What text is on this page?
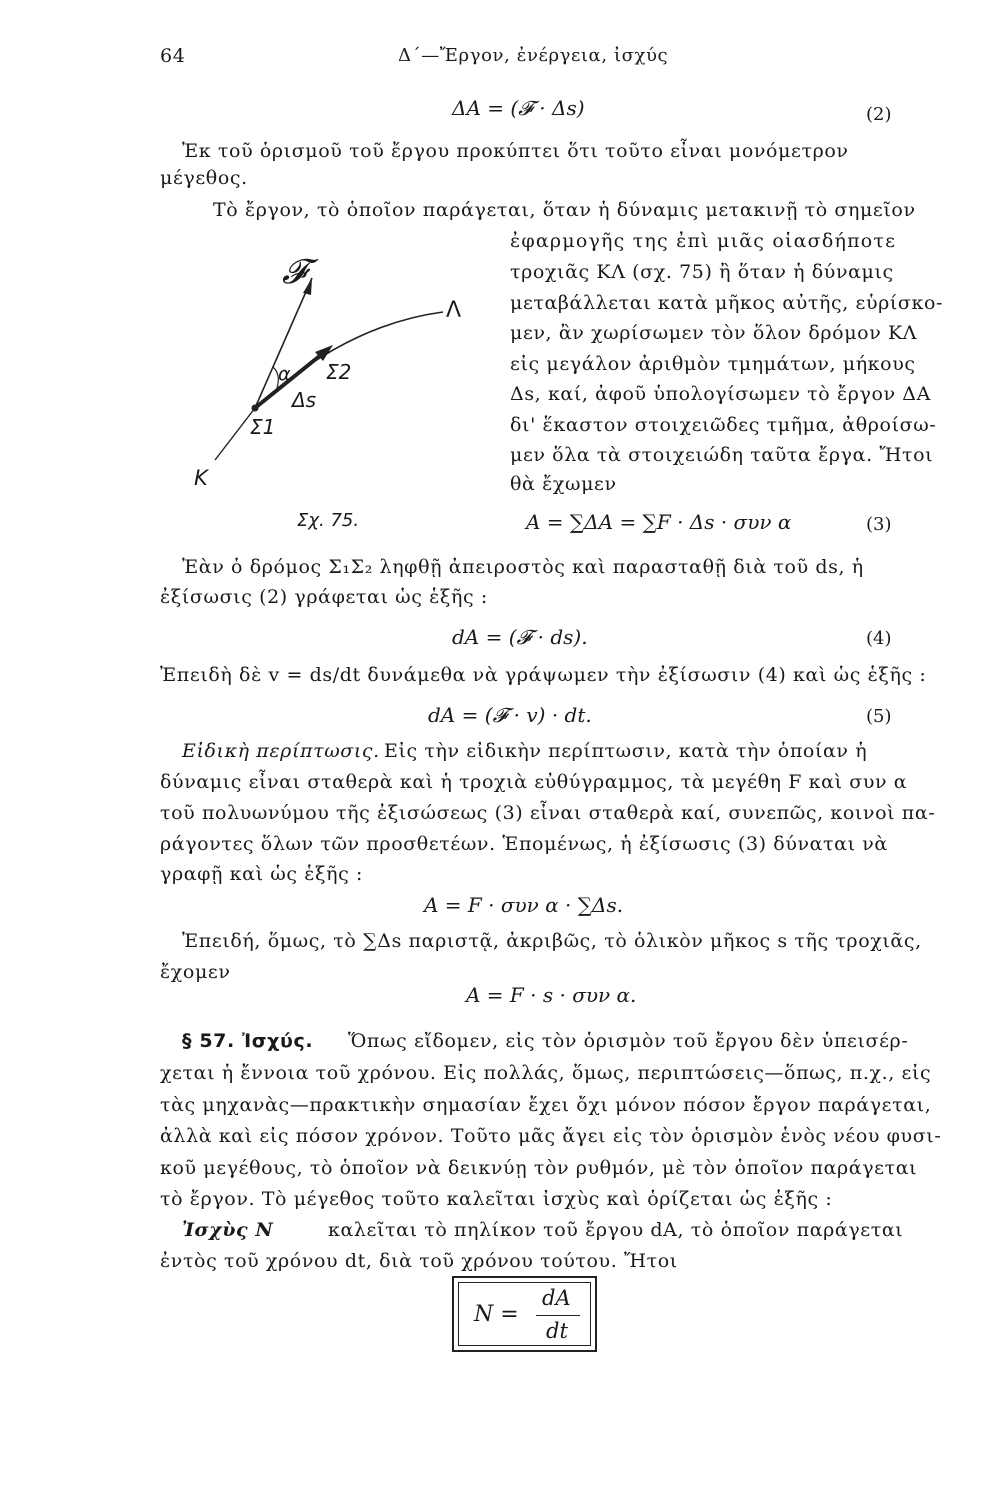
64	Δ΄—Ἔργον, ἐνέργεια, ἰσχύς
ΔA = (𝓕 · Δs)	(2)
Ἐκ τοῦ ὁρισμοῦ τοῦ ἔργου προκύπτει ὅτι τοῦτο εἶναι μονόμετρον
μέγεθος.
Τὸ ἔργον, τὸ ὁποῖον παράγεται, ὅταν ἡ δύναμις μετακινῇ τὸ σημεῖον
ἐφαρμογῆς της ἐπὶ μιᾶς οἱασδήποτε
τροχιᾶς ΚΛ (σχ. 75) ἢ ὅταν ἡ δύναμις
μεταβάλλεται κατὰ μῆκος αὐτῆς, εὑρίσκο-
μεν, ἂν χωρίσωμεν τὸν ὅλον δρόμον ΚΛ
εἰς μεγάλον ἀριθμὸν τμημάτων, μήκους
Δs, καί, ἀφοῦ ὑπολογίσωμεν τὸ ἔργον ΔΑ
δι' ἕκαστον στοιχειῶδες τμῆμα, ἀθροίσω-
μεν ὅλα τὰ στοιχειώδη ταῦτα ἔργα. Ἤτοι
θὰ ἔχωμεν
𝓕
Λ
α Σ2
Δs
Σ1
K
Σχ. 75.	A = ∑ΔA = ∑F · Δs · συν α	(3)
Ἐὰν ὁ δρόμος Σ₁Σ₂ ληφθῇ ἀπειροστὸς καὶ παρασταθῇ διὰ τοῦ ds, ἡ
ἐξίσωσις (2) γράφεται ὡς ἑξῆς :
dA = (𝓕 · ds).	(4)
Ἐπειδὴ δὲ v = ds/dt δυνάμεθα νὰ γράψωμεν τὴν ἐξίσωσιν (4) καὶ ὡς ἑξῆς :
dA = (𝓕 · v) · dt.	(5)
Εἰδικὴ περίπτωσις. Εἰς τὴν εἰδικὴν περίπτωσιν, κατὰ τὴν ὁποίαν ἡ
δύναμις εἶναι σταθερὰ καὶ ἡ τροχιὰ εὐθύγραμμος, τὰ μεγέθη F καὶ συν α
τοῦ πολυωνύμου τῆς ἐξισώσεως (3) εἶναι σταθερὰ καί, συνεπῶς, κοινοὶ πα-
ράγοντες ὅλων τῶν προσθετέων. Ἑπομένως, ἡ ἐξίσωσις (3) δύναται νὰ
γραφῇ καὶ ὡς ἑξῆς :
A = F · συν α · ∑Δs.
Ἐπειδή, ὅμως, τὸ ∑Δs παριστᾷ, ἀκριβῶς, τὸ ὁλικὸν μῆκος s τῆς τροχιᾶς,
ἔχομεν
A = F · s · συν α.
§ 57. Ἰσχύς. Ὅπως εἴδομεν, εἰς τὸν ὁρισμὸν τοῦ ἔργου δὲν ὑπεισέρ-
χεται ἡ ἔννοια τοῦ χρόνου. Εἰς πολλάς, ὅμως, περιπτώσεις—ὅπως, π.χ., εἰς
τὰς μηχανὰς—πρακτικὴν σημασίαν ἔχει ὄχι μόνον πόσον ἔργον παράγεται,
ἀλλὰ καὶ εἰς πόσον χρόνον. Τοῦτο μᾶς ἄγει εἰς τὸν ὁρισμὸν ἑνὸς νέου φυσι-
κοῦ μεγέθους, τὸ ὁποῖον νὰ δεικνύῃ τὸν ρυθμόν, μὲ τὸν ὁποῖον παράγεται
τὸ ἔργον. Τὸ μέγεθος τοῦτο καλεῖται ἰσχὺς καὶ ὁρίζεται ὡς ἑξῆς :
Ἰσχὺς N	καλεῖται τὸ πηλίκον τοῦ ἔργου dA, τὸ ὁποῖον παράγεται
ἐντὸς τοῦ χρόνου dt, διὰ τοῦ χρόνου τούτου. Ἤτοι
N =
dA
dt
